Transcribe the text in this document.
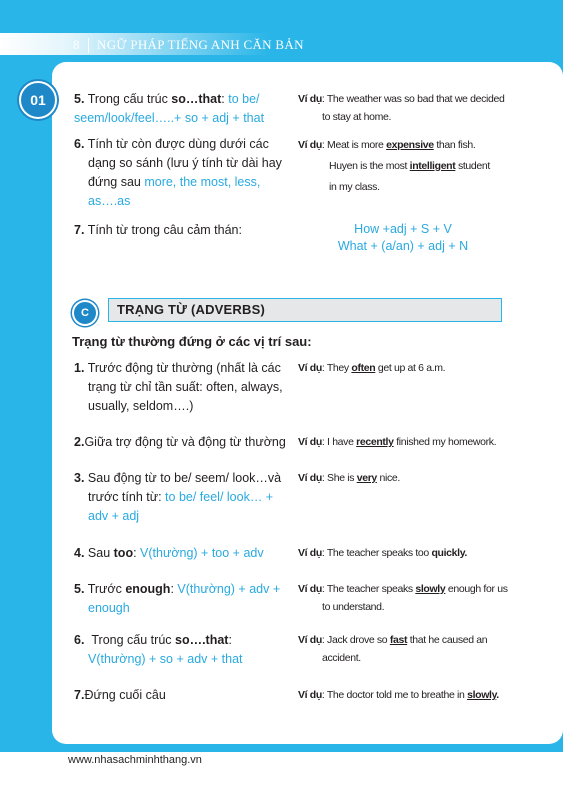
8 NGỮ PHÁP TIẾNG ANH CĂN BẢN
01	5. Trong cấu trúc so…that: to be/
seem/look/feel…..+ so + adj + that
Ví dụ: The weather was so bad that we decided
to stay at home.
6. Tính từ còn được dùng dưới các
dạng so sánh (lưu ý tính từ dài hay
đứng sau more, the most, less,
as….as
Ví dụ: Meat is more expensive than fish.
Huyen is the most intelligent student
in my class.
7. Tính từ trong câu cảm thán:	How +adj + S + V
What + (a/an) + adj + N
C	TRẠNG TỪ (ADVERBS)
Trạng từ thường đứng ở các vị trí sau:
1. Trước động từ thường (nhất là các
trạng từ chỉ tần suất: often, always,
usually, seldom….)
Ví dụ: They often get up at 6 a.m.
2.Giữa trợ động từ và động từ thường	Ví dụ: I have recently finished my homework.
3. Sau động từ to be/ seem/ look…và
trước tính từ: to be/ feel/ look… +
adv + adj
Ví dụ: She is very nice.
4. Sau too: V(thường) + too + adv	Ví dụ: The teacher speaks too quickly.
5. Trước enough: V(thường) + adv +
enough
Ví dụ: The teacher speaks slowly enough for us
to understand.
6. Trong cấu trúc so….that:
V(thường) + so + adv + that
Ví dụ: Jack drove so fast that he caused an
accident.
7.Đứng cuối câu	Ví dụ: The doctor told me to breathe in slowly.
www.nhasachminhthang.vn
